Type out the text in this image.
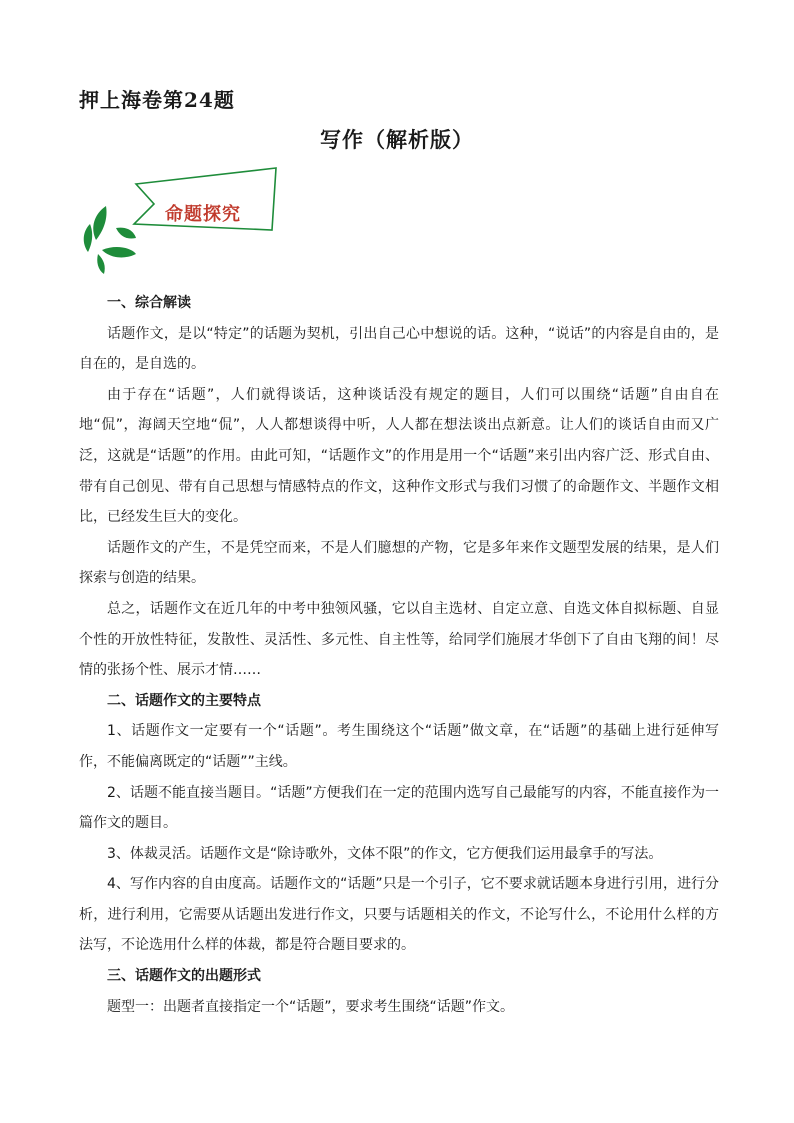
押上海卷第24题
写作（解析版）
命题探究
一、综合解读

话题作文，是以“特定”的话题为契机，引出自己心中想说的话。这种，“说话”的内容是自由的，是自在的，是自选的。

由于存在“话题”，人们就得谈话，这种谈话没有规定的题目，人们可以围绕“话题”自由自在地“侃”，海阔天空地“侃”，人人都想谈得中听，人人都在想法谈出点新意。让人们的谈话自由而又广泛，这就是“话题”的作用。由此可知，“话题作文”的作用是用一个“话题”来引出内容广泛、形式自由、带有自己创见、带有自己思想与情感特点的作文，这种作文形式与我们习惯了的命题作文、半题作文相比，已经发生巨大的变化。

话题作文的产生，不是凭空而来，不是人们臆想的产物，它是多年来作文题型发展的结果，是人们探索与创造的结果。

总之，话题作文在近几年的中考中独领风骚，它以自主选材、自定立意、自选文体自拟标题、自显个性的开放性特征，发散性、灵活性、多元性、自主性等，给同学们施展才华创下了自由飞翔的间！尽情的张扬个性、展示才情……

二、话题作文的主要特点

1、话题作文一定要有一个“话题”。考生围绕这个“话题”做文章，在“话题”的基础上进行延伸写作，不能偏离既定的“话题””主线。

2、话题不能直接当题目。“话题”方便我们在一定的范围内选写自己最能写的内容，不能直接作为一篇作文的题目。

3、体裁灵活。话题作文是“除诗歌外，文体不限”的作文，它方便我们运用最拿手的写法。

4、写作内容的自由度高。话题作文的“话题”只是一个引子，它不要求就话题本身进行引用，进行分析，进行利用，它需要从话题出发进行作文，只要与话题相关的作文，不论写什么，不论用什么样的方法写，不论选用什么样的体裁，都是符合题目要求的。

三、话题作文的出题形式

题型一：出题者直接指定一个“话题”，要求考生围绕“话题”作文。
